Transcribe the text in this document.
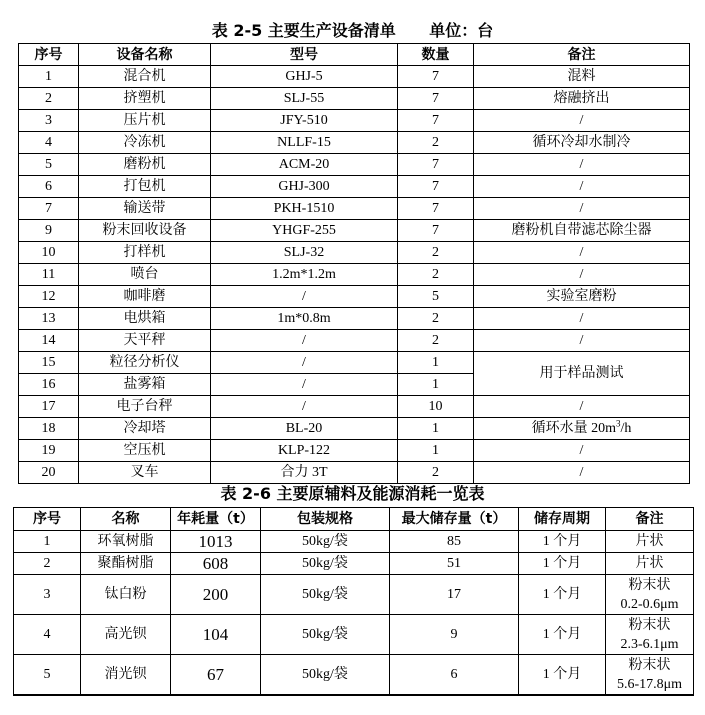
表 2-5 主要生产设备清单      单位：台
序号	设备名称	型号	数量	备注
1	混合机	GHJ-5	7	混料
2	挤塑机	SLJ-55	7	熔融挤出
3	压片机	JFY-510	7	/
4	冷冻机	NLLF-15	2	循环冷却水制冷
5	磨粉机	ACM-20	7	/
6	打包机	GHJ-300	7	/
7	输送带	PKH-1510	7	/
9	粉末回收设备	YHGF-255	7	磨粉机自带滤芯除尘器
10	打样机	SLJ-32	2	/
11	喷台	1.2m*1.2m	2	/
12	咖啡磨	/	5	实验室磨粉
13	电烘箱	1m*0.8m	2	/
14	天平秤	/	2	/
15	粒径分析仪	/	1	用于样品测试
16	盐雾箱	/	1	
17	电子台秤	/	10	/
18	冷却塔	BL-20	1	循环水量 $20m^3/h$
19	空压机	KLP-122	1	/
20	叉车	合力 3T	2	/
表 2-6 主要原辅料及能源消耗一览表
序号	名称	年耗量（t）	包装规格	最大储存量（t）	储存周期	备注
1	环氧树脂	1013	50kg/袋	85	1 个月	片状

2	聚酯树脂	608	50kg/袋	51	1 个月	片状

3	钛白粉	200	50kg/袋	17	1 个月	粉末状
0.2-0.6μm

4	高光钡	104	50kg/袋	9	1 个月	粉末状
2.3-6.1μm

5	消光钡	67	50kg/袋	6	1 个月	粉末状
5.6-17.8μm
